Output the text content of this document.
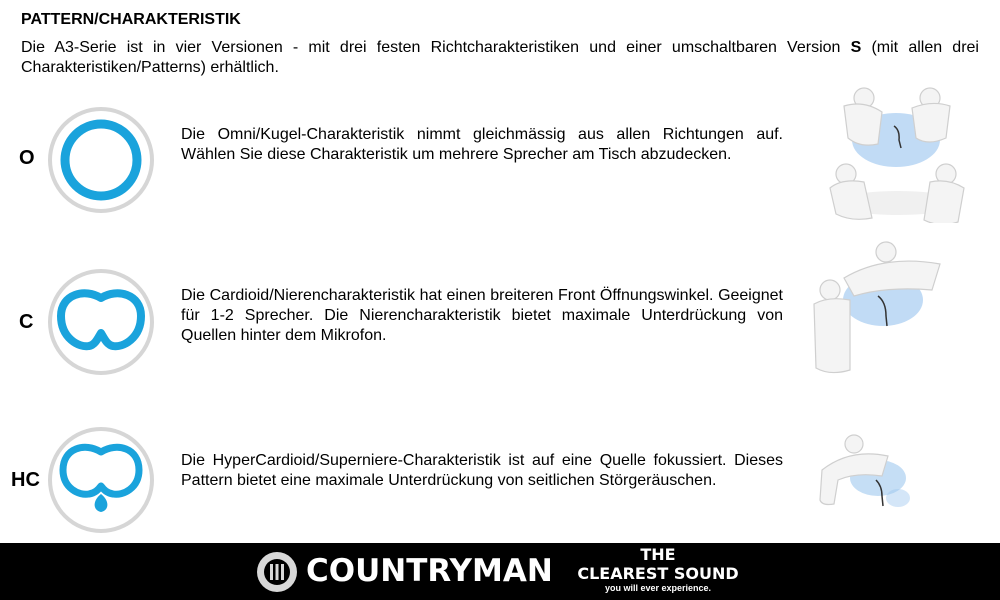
PATTERN/CHARAKTERISTIK
Die A3-Serie ist in vier Versionen - mit drei festen Richtcharakteristiken und einer umschaltbaren Version S (mit allen drei Charakteristiken/Patterns) erhältlich.
O
Die Omni/Kugel-Charakteristik nimmt gleichmässig aus allen Richtungen auf. Wählen Sie diese Charakteristik um mehrere Sprecher am Tisch abzudecken.
C
Die Cardioid/Nierencharakteristik hat einen breiteren Front Öffnungswinkel. Geeignet für 1-2 Sprecher. Die Nierencharakteristik bietet maximale Unterdrückung von Quellen hinter dem Mikrofon.
HC
Die HyperCardioid/Superniere-Charakteristik ist auf eine Quelle fokussiert. Dieses Pattern bietet eine maximale Unterdrückung von seitlichen Störgeräuschen.
COUNTRYMAN	THE
CLEAREST SOUND
you will ever experience.
